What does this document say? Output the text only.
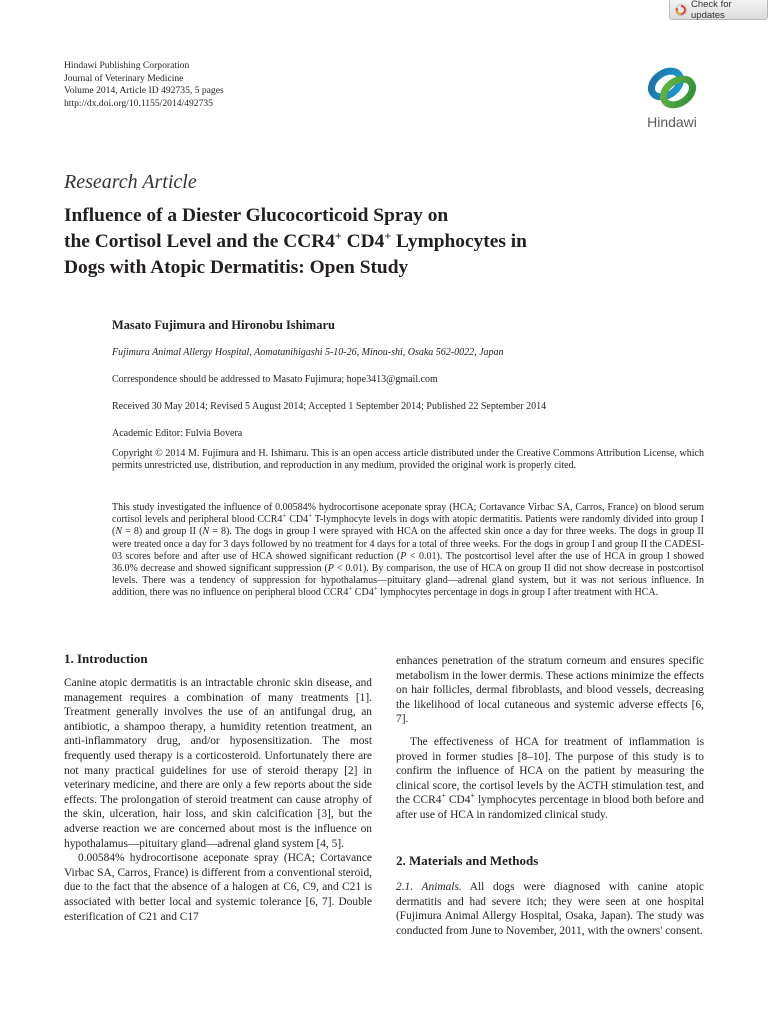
Check for updates
Hindawi Publishing Corporation
Journal of Veterinary Medicine
Volume 2014, Article ID 492735, 5 pages
http://dx.doi.org/10.1155/2014/492735
Hindawi
Research Article
Influence of a Diester Glucocorticoid Spray on
the Cortisol Level and the CCR4+ CD4+ Lymphocytes in
Dogs with Atopic Dermatitis: Open Study
Masato Fujimura and Hironobu Ishimaru
Fujimura Animal Allergy Hospital, Aomatanihigashi 5-10-26, Minou-shi, Osaka 562-0022, Japan
Correspondence should be addressed to Masato Fujimura; hope3413@gmail.com
Received 30 May 2014; Revised 5 August 2014; Accepted 1 September 2014; Published 22 September 2014
Academic Editor: Fulvia Bovera
Copyright © 2014 M. Fujimura and H. Ishimaru. This is an open access article distributed under the Creative Commons Attribution License, which permits unrestricted use, distribution, and reproduction in any medium, provided the original work is properly cited.
This study investigated the influence of 0.00584% hydrocortisone aceponate spray (HCA; Cortavance Virbac SA, Carros, France) on blood serum cortisol levels and peripheral blood CCR4+ CD4+ T-lymphocyte levels in dogs with atopic dermatitis. Patients were randomly divided into group I (N = 8) and group II (N = 8). The dogs in group I were sprayed with HCA on the affected skin once a day for three weeks. The dogs in group II were treated once a day for 3 days followed by no treatment for 4 days for a total of three weeks. For the dogs in group I and group II the CADESI-03 scores before and after use of HCA showed significant reduction (P < 0.01). The postcortisol level after the use of HCA in group I showed 36.0% decrease and showed significant suppression (P < 0.01). By comparison, the use of HCA on group II did not show decrease in postcortisol levels. There was a tendency of suppression for hypothalamus—pituitary gland—adrenal gland system, but it was not serious influence. In addition, there was no influence on peripheral blood CCR4+ CD4+ lymphocytes percentage in dogs in group I after treatment with HCA.
1. Introduction

Canine atopic dermatitis is an intractable chronic skin disease, and management requires a combination of many treatments [1]. Treatment generally involves the use of an antifungal drug, an antibiotic, a shampoo therapy, a humidity retention treatment, an anti-inflammatory drug, and/or hyposensitization. The most frequently used therapy is a corticosteroid. Unfortunately there are not many practical guidelines for use of steroid therapy [2] in veterinary medicine, and there are only a few reports about the side effects. The prolongation of steroid treatment can cause atrophy of the skin, ulceration, hair loss, and skin calcification [3], but the adverse reaction we are concerned about most is the influence on hypothalamus—pituitary gland—adrenal gland system [4, 5].

0.00584% hydrocortisone aceponate spray (HCA; Cortavance Virbac SA, Carros, France) is different from a conventional steroid, due to the fact that the absence of a halogen at C6, C9, and C21 is associated with better local and systemic tolerance [6, 7]. Double esterification of C21 and C17

enhances penetration of the stratum corneum and ensures specific metabolism in the lower dermis. These actions minimize the effects on hair follicles, dermal fibroblasts, and blood vessels, decreasing the likelihood of local cutaneous and systemic adverse effects [6, 7].

The effectiveness of HCA for treatment of inflammation is proved in former studies [8–10]. The purpose of this study is to confirm the influence of HCA on the patient by measuring the clinical score, the cortisol levels by the ACTH stimulation test, and the CCR4+ CD4+ lymphocytes percentage in blood both before and after use of HCA in randomized clinical study.

2. Materials and Methods
2.1. Animals. All dogs were diagnosed with canine atopic dermatitis and had severe itch; they were seen at one hospital (Fujimura Animal Allergy Hospital, Osaka, Japan). The study was conducted from June to November, 2011, with the owners' consent.
